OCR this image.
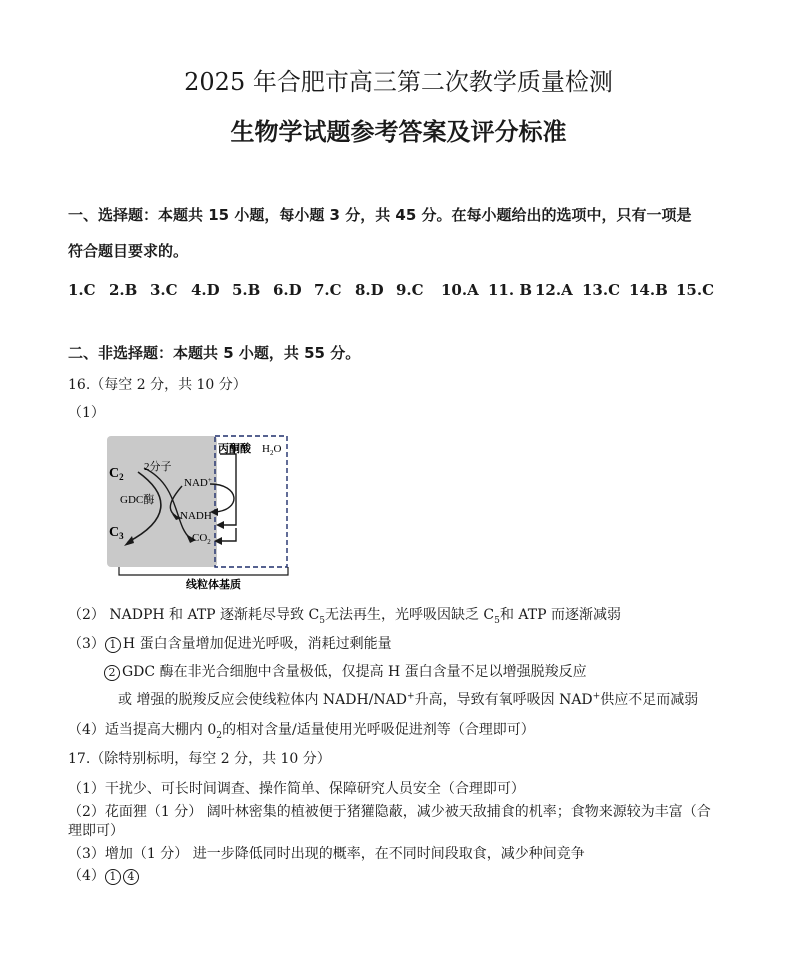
2025 年合肥市高三第二次教学质量检测
生物学试题参考答案及评分标准
一、选择题：本题共 15 小题，每小题 3 分，共 45 分。在每小题给出的选项中，只有一项是
符合题目要求的。
1.C 2.B 3.C 4.D 5.B 6.D 7.C 8.D 9.C	10.A 11. B 12.A 13.C 14.B 15.C
二、非选择题：本题共 5 小题，共 55 分。
16.（每空 2 分，共 10 分）
（1）
$C_2$
2分子
GDC酶
$C_3$
NAD+
NADH
$CO_2$
丙酮酸 $H_2O$
线粒体基质
（2） NADPH 和 ATP 逐渐耗尽导致 $C_5$无法再生，光呼吸因缺乏 $C_5$和 ATP 而逐渐减弱
（3） 1 H 蛋白含量增加促进光呼吸，消耗过剩能量
2 GDC 酶在非光合细胞中含量极低，仅提高 H 蛋白含量不足以增强脱羧反应
或 增强的脱羧反应会使线粒体内 NADH/NAD+升高，导致有氧呼吸因 NAD+供应不足而减弱
（4）适当提高大棚内 $0_2$的相对含量/适量使用光呼吸促进剂等（合理即可）
17.（除特别标明，每空 2 分，共 10 分）
（1）干扰少、可长时间调查、操作简单、保障研究人员安全（合理即可）
（2）花面狸（1 分） 阔叶林密集的植被便于猪獾隐蔽，减少被天敌捕食的机率；食物来源较为丰富（合
理即可）
（3）增加（1 分） 进一步降低同时出现的概率，在不同时间段取食，减少种间竞争
（4） 1 4
